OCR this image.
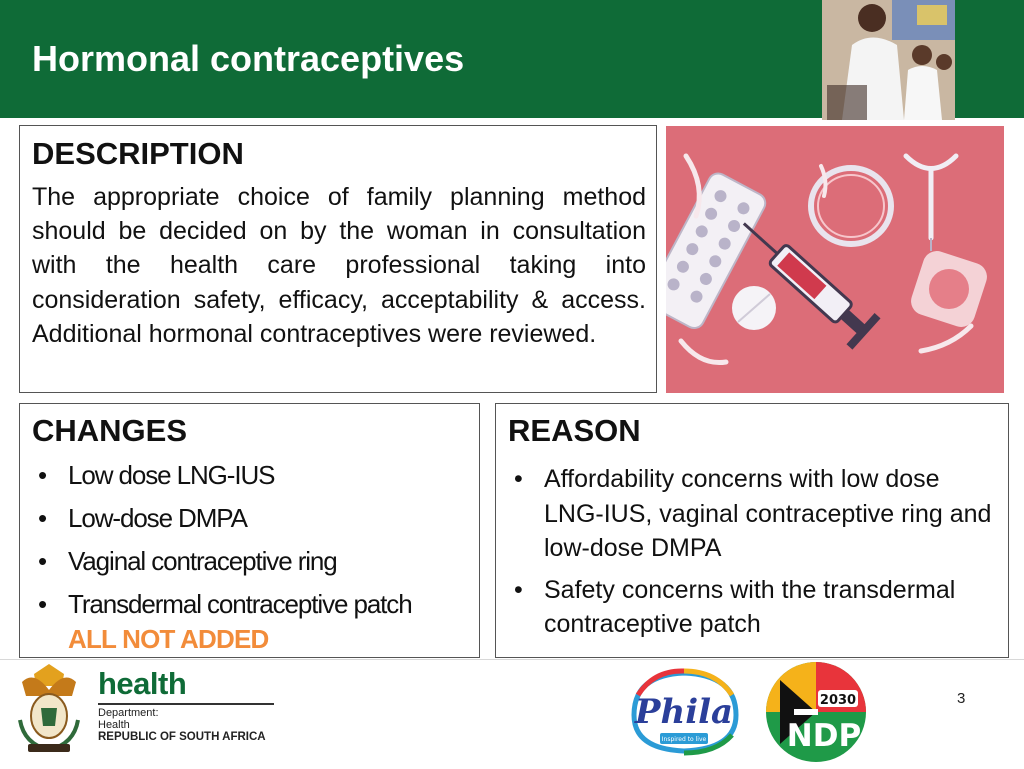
Hormonal contraceptives
DESCRIPTION
The appropriate choice of family planning method should be decided on by the woman in consultation with the health care professional taking into consideration safety, efficacy, acceptability & access. Additional hormonal contraceptives were reviewed.
CHANGES
• Low dose LNG-IUS
• Low-dose DMPA
• Vaginal contraceptive ring
• Transdermal contraceptive patch
ALL NOT ADDED
REASON
• Affordability concerns with low dose LNG-IUS, vaginal contraceptive ring and low-dose DMPA
• Safety concerns with the transdermal contraceptive patch
health
Department:
Health
REPUBLIC OF SOUTH AFRICA
Phila
Inspired to live
2030
NDP
3
